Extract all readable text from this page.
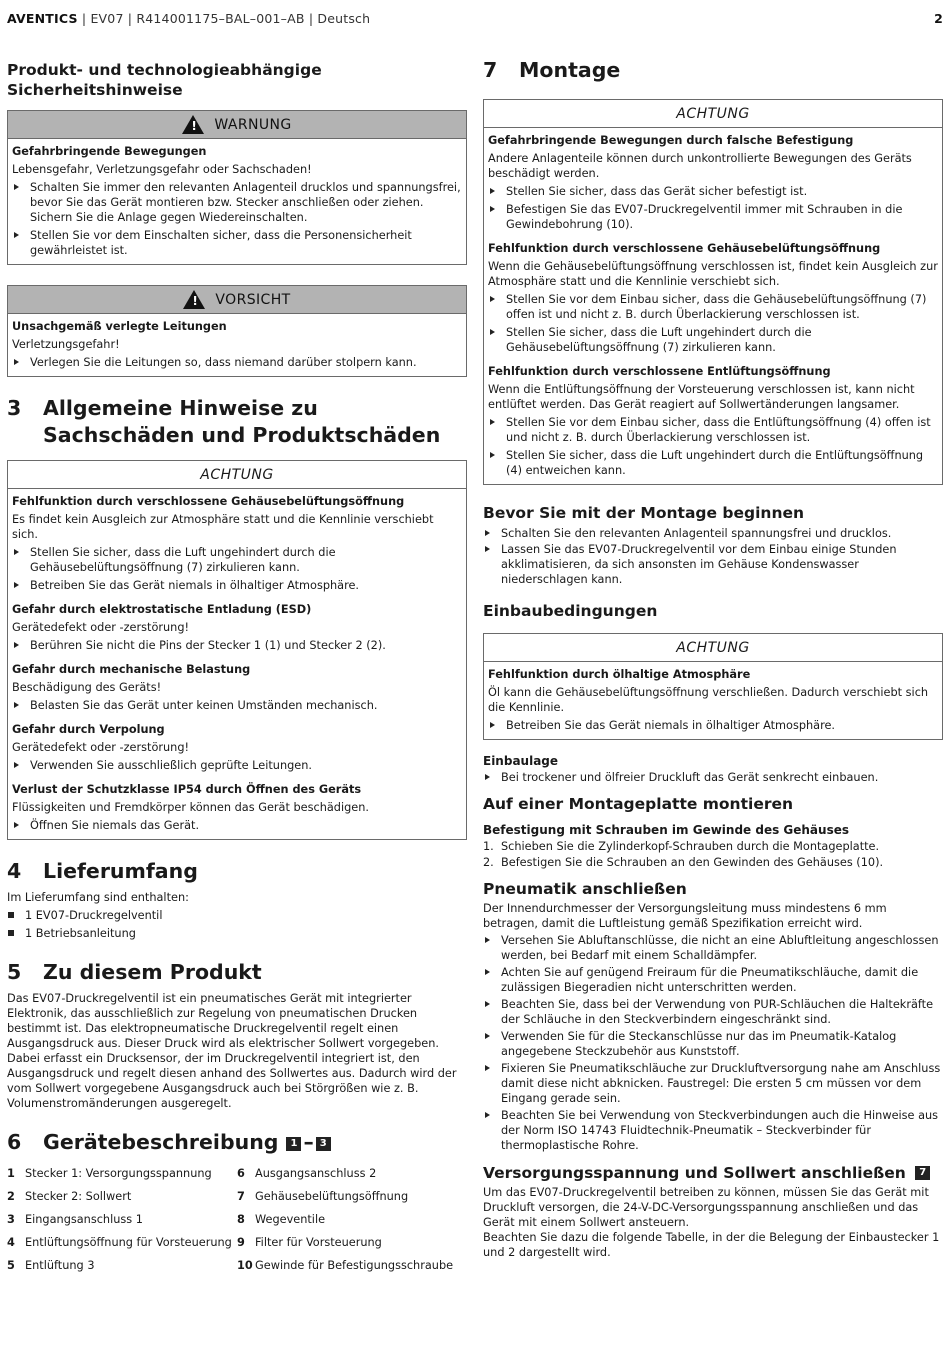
AVENTICS | EV07 | R414001175–BAL–001–AB | Deutsch	2
Produkt- und technologieabhängige Sicherheitshinweise
!
WARNUNG
Gefahrbringende Bewegungen
Lebensgefahr, Verletzungsgefahr oder Sachschaden!
Schalten Sie immer den relevanten Anlagenteil drucklos und spannungsfrei, bevor Sie das Gerät montieren bzw. Stecker anschließen oder ziehen. Sichern Sie die Anlage gegen Wiedereinschalten.
Stellen Sie vor dem Einschalten sicher, dass die Personensicherheit gewährleistet ist.
!
VORSICHT
Unsachgemäß verlegte Leitungen
Verletzungsgefahr!
Verlegen Sie die Leitungen so, dass niemand darüber stolpern kann.
3	Allgemeine Hinweise zu Sachschäden und Produktschäden
ACHTUNG
Fehlfunktion durch verschlossene Gehäusebelüftungsöffnung
Es findet kein Ausgleich zur Atmosphäre statt und die Kennlinie verschiebt sich.
Stellen Sie sicher, dass die Luft ungehindert durch die Gehäusebelüftungsöffnung (7) zirkulieren kann.
Betreiben Sie das Gerät niemals in ölhaltiger Atmosphäre.
Gefahr durch elektrostatische Entladung (ESD)
Gerätedefekt oder -zerstörung!
Berühren Sie nicht die Pins der Stecker 1 (1) und Stecker 2 (2).
Gefahr durch mechanische Belastung
Beschädigung des Geräts!
Belasten Sie das Gerät unter keinen Umständen mechanisch.
Gefahr durch Verpolung
Gerätedefekt oder -zerstörung!
Verwenden Sie ausschließlich geprüfte Leitungen.
Verlust der Schutzklasse IP54 durch Öffnen des Geräts
Flüssigkeiten und Fremdkörper können das Gerät beschädigen.
Öffnen Sie niemals das Gerät.
4	Lieferumfang
Im Lieferumfang sind enthalten:
1 EV07-Druckregelventil
1 Betriebsanleitung
5	Zu diesem Produkt
Das EV07-Druckregelventil ist ein pneumatisches Gerät mit integrierter Elektronik, das ausschließlich zur Regelung von pneumatischen Drucken bestimmt ist. Das elektropneumatische Druckregelventil regelt einen Ausgangsdruck aus. Dieser Druck wird als elektrischer Sollwert vorgegeben. Dabei erfasst ein Drucksensor, der im Druckregelventil integriert ist, den Ausgangsdruck und regelt diesen anhand des Sollwertes aus. Dadurch wird der vom Sollwert vorgegebene Ausgangsdruck auch bei Störgrößen wie z. B. Volumenstromänderungen ausgeregelt.
6	Gerätebeschreibung	1 – 3
1 Stecker 1: Versorgungsspannung 6 Ausgangsanschluss 2
2 Stecker 2: Sollwert	7 Gehäusebelüftungsöffnung
3 Eingangsanschluss 1	8 Wegeventile
4 Entlüftungsöffnung für Vorsteuerung 9 Filter für Vorsteuerung
5 Entlüftung 3	10 Gewinde für Befestigungsschraube
7	Montage
ACHTUNG
Gefahrbringende Bewegungen durch falsche Befestigung
Andere Anlagenteile können durch unkontrollierte Bewegungen des Geräts beschädigt werden.
Stellen Sie sicher, dass das Gerät sicher befestigt ist.
Befestigen Sie das EV07-Druckregelventil immer mit Schrauben in die Gewindebohrung (10).
Fehlfunktion durch verschlossene Gehäusebelüftungsöffnung
Wenn die Gehäusebelüftungsöffnung verschlossen ist, findet kein Ausgleich zur Atmosphäre statt und die Kennlinie verschiebt sich.
Stellen Sie vor dem Einbau sicher, dass die Gehäusebelüftungsöffnung (7) offen ist und nicht z. B. durch Überlackierung verschlossen ist.
Stellen Sie sicher, dass die Luft ungehindert durch die Gehäusebelüftungsöffnung (7) zirkulieren kann.
Fehlfunktion durch verschlossene Entlüftungsöffnung
Wenn die Entlüftungsöffnung der Vorsteuerung verschlossen ist, kann nicht entlüftet werden. Das Gerät reagiert auf Sollwertänderungen langsamer.
Stellen Sie vor dem Einbau sicher, dass die Entlüftungsöffnung (4) offen ist und nicht z. B. durch Überlackierung verschlossen ist.
Stellen Sie sicher, dass die Luft ungehindert durch die Entlüftungsöffnung (4) entweichen kann.
Bevor Sie mit der Montage beginnen
Schalten Sie den relevanten Anlagenteil spannungsfrei und drucklos.
Lassen Sie das EV07-Druckregelventil vor dem Einbau einige Stunden akklimatisieren, da sich ansonsten im Gehäuse Kondenswasser niederschlagen kann.
Einbaubedingungen
ACHTUNG
Fehlfunktion durch ölhaltige Atmosphäre
Öl kann die Gehäusebelüftungsöffnung verschließen. Dadurch verschiebt sich die Kennlinie.
Betreiben Sie das Gerät niemals in ölhaltiger Atmosphäre.
Einbaulage
Bei trockener und ölfreier Druckluft das Gerät senkrecht einbauen.
Auf einer Montageplatte montieren
Befestigung mit Schrauben im Gewinde des Gehäuses
1. Schieben Sie die Zylinderkopf-Schrauben durch die Montageplatte.
2. Befestigen Sie die Schrauben an den Gewinden des Gehäuses (10).
Pneumatik anschließen
Der Innendurchmesser der Versorgungsleitung muss mindestens 6 mm betragen, damit die Luftleistung gemäß Spezifikation erreicht wird.
Versehen Sie Abluftanschlüsse, die nicht an eine Abluftleitung angeschlossen werden, bei Bedarf mit einem Schalldämpfer.
Achten Sie auf genügend Freiraum für die Pneumatikschläuche, damit die zulässigen Biegeradien nicht unterschritten werden.
Beachten Sie, dass bei der Verwendung von PUR-Schläuchen die Haltekräfte der Schläuche in den Steckverbindern eingeschränkt sind.
Verwenden Sie für die Steckanschlüsse nur das im Pneumatik-Katalog angegebene Steckzubehör aus Kunststoff.
Fixieren Sie Pneumatikschläuche zur Druckluftversorgung nahe am Anschluss damit diese nicht abknicken. Faustregel: Die ersten 5 cm müssen vor dem Eingang gerade sein.
Beachten Sie bei Verwendung von Steckverbindungen auch die Hinweise aus der Norm ISO 14743 Fluidtechnik-Pneumatik – Steckverbinder für thermoplastische Rohre.
Versorgungsspannung und Sollwert anschließen 7
Um das EV07-Druckregelventil betreiben zu können, müssen Sie das Gerät mit Druckluft versorgen, die 24-V-DC-Versorgungsspannung anschließen und das Gerät mit einem Sollwert ansteuern.
Beachten Sie dazu die folgende Tabelle, in der die Belegung der Einbaustecker 1 und 2 dargestellt wird.
